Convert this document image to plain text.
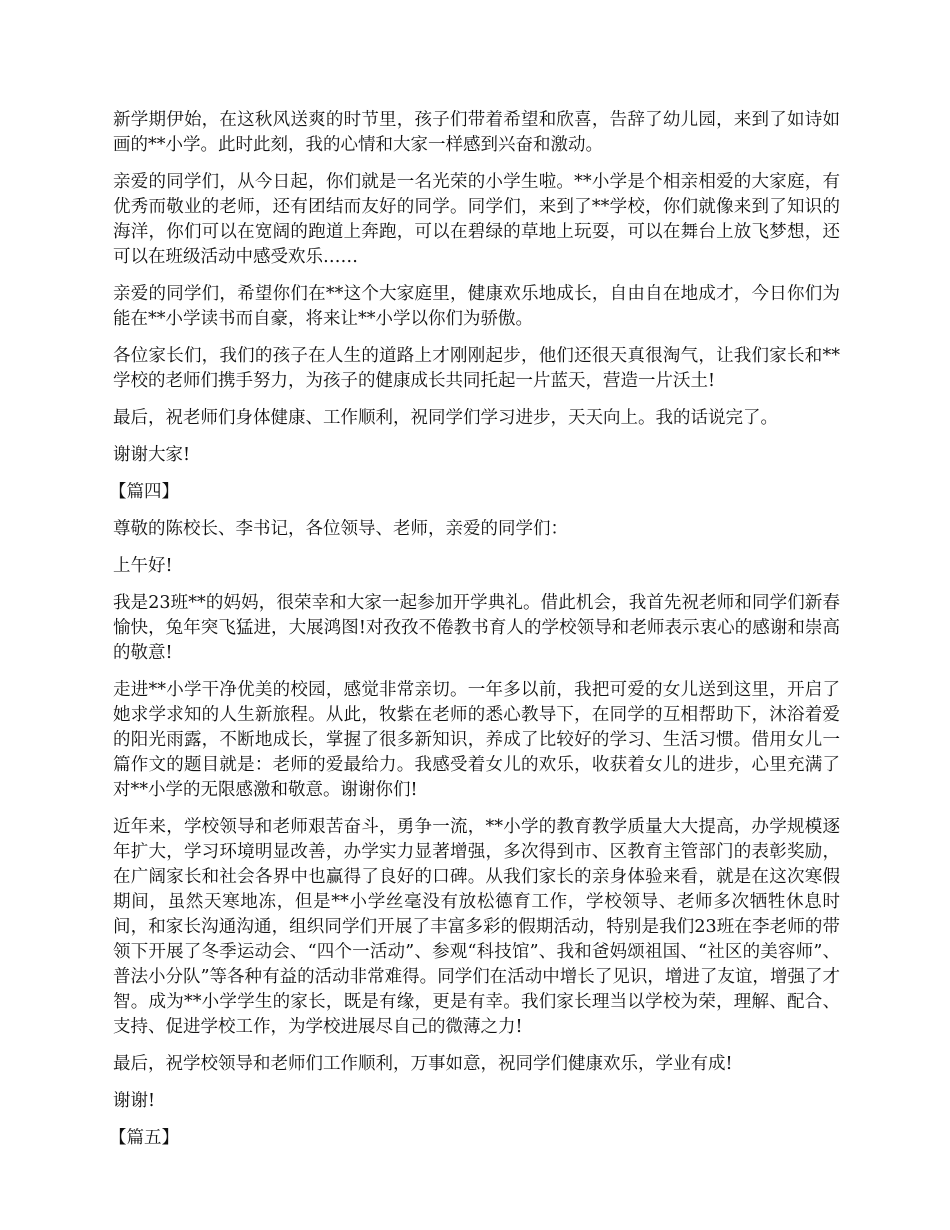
新学期伊始，在这秋风送爽的时节里，孩子们带着希望和欣喜，告辞了幼儿园，来到了如诗如画的**小学。此时此刻，我的心情和大家一样感到兴奋和激动。

亲爱的同学们，从今日起，你们就是一名光荣的小学生啦。**小学是个相亲相爱的大家庭，有优秀而敬业的老师，还有团结而友好的同学。同学们，来到了**学校，你们就像来到了知识的海洋，你们可以在宽阔的跑道上奔跑，可以在碧绿的草地上玩耍，可以在舞台上放飞梦想，还可以在班级活动中感受欢乐……

亲爱的同学们，希望你们在**这个大家庭里，健康欢乐地成长，自由自在地成才，今日你们为能在**小学读书而自豪，将来让**小学以你们为骄傲。

各位家长们，我们的孩子在人生的道路上才刚刚起步，他们还很天真很淘气，让我们家长和**学校的老师们携手努力，为孩子的健康成长共同托起一片蓝天，营造一片沃土!

最后，祝老师们身体健康、工作顺利，祝同学们学习进步，天天向上。我的话说完了。

谢谢大家!

【篇四】

尊敬的陈校长、李书记，各位领导、老师，亲爱的同学们：

上午好!

我是23班**的妈妈，很荣幸和大家一起参加开学典礼。借此机会，我首先祝老师和同学们新春愉快，兔年突飞猛进，大展鸿图!对孜孜不倦教书育人的学校领导和老师表示衷心的感谢和崇高的敬意!

走进**小学干净优美的校园，感觉非常亲切。一年多以前，我把可爱的女儿送到这里，开启了她求学求知的人生新旅程。从此，牧紫在老师的悉心教导下，在同学的互相帮助下，沐浴着爱的阳光雨露，不断地成长，掌握了很多新知识，养成了比较好的学习、生活习惯。借用女儿一篇作文的题目就是：老师的爱最给力。我感受着女儿的欢乐，收获着女儿的进步，心里充满了对**小学的无限感激和敬意。谢谢你们!

近年来，学校领导和老师艰苦奋斗，勇争一流，**小学的教育教学质量大大提高，办学规模逐年扩大，学习环境明显改善，办学实力显著增强，多次得到市、区教育主管部门的表彰奖励，在广阔家长和社会各界中也赢得了良好的口碑。从我们家长的亲身体验来看，就是在这次寒假期间，虽然天寒地冻，但是**小学丝毫没有放松德育工作，学校领导、老师多次牺牲休息时间，和家长沟通沟通，组织同学们开展了丰富多彩的假期活动，特别是我们23班在李老师的带领下开展了冬季运动会、“四个一活动”、参观“科技馆”、我和爸妈颂祖国、“社区的美容师”、普法小分队”等各种有益的活动非常难得。同学们在活动中增长了见识，增进了友谊，增强了才智。成为**小学学生的家长，既是有缘，更是有幸。我们家长理当以学校为荣，理解、配合、支持、促进学校工作，为学校进展尽自己的微薄之力!

最后，祝学校领导和老师们工作顺利，万事如意，祝同学们健康欢乐，学业有成!

谢谢!

【篇五】
